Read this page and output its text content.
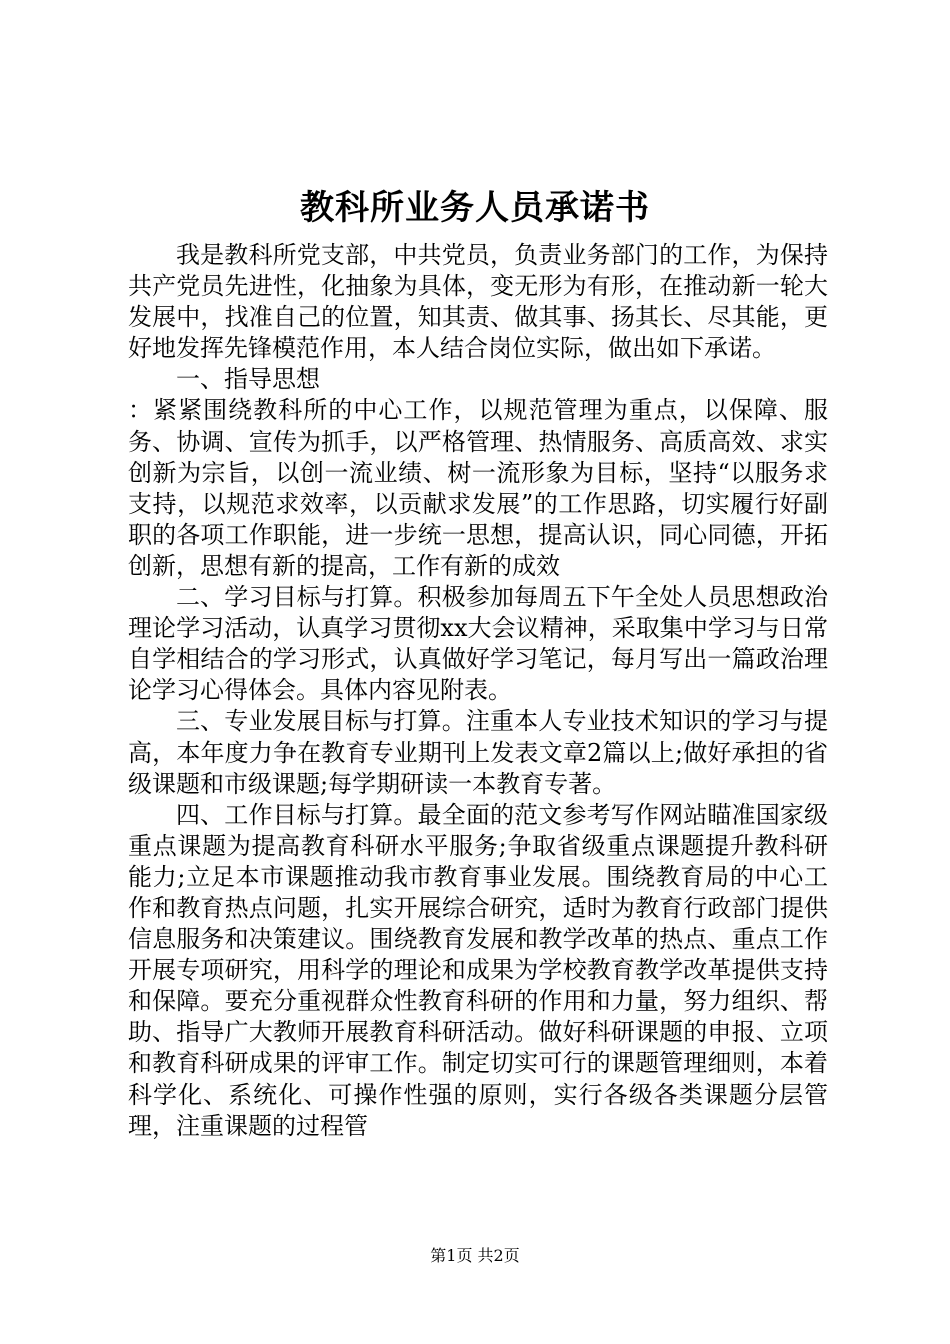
教科所业务人员承诺书

我是教科所党支部，中共党员，负责业务部门的工作，为保持共产党员先进性，化抽象为具体，变无形为有形，在推动新一轮大发展中，找准自己的位置，知其责、做其事、扬其长、尽其能，更好地发挥先锋模范作用，本人结合岗位实际，做出如下承诺。

一、指导思想

：紧紧围绕教科所的中心工作，以规范管理为重点，以保障、服务、协调、宣传为抓手，以严格管理、热情服务、高质高效、求实创新为宗旨，以创一流业绩、树一流形象为目标，坚持“以服务求支持，以规范求效率，以贡献求发展”的工作思路，切实履行好副职的各项工作职能，进一步统一思想，提高认识，同心同德，开拓创新，思想有新的提高，工作有新的成效

二、学习目标与打算。积极参加每周五下午全处人员思想政治理论学习活动，认真学习贯彻xx大会议精神，采取集中学习与日常自学相结合的学习形式，认真做好学习笔记，每月写出一篇政治理论学习心得体会。具体内容见附表。

三、专业发展目标与打算。注重本人专业技术知识的学习与提高，本年度力争在教育专业期刊上发表文章2篇以上;做好承担的省级课题和市级课题;每学期研读一本教育专著。

四、工作目标与打算。最全面的范文参考写作网站瞄准国家级重点课题为提高教育科研水平服务;争取省级重点课题提升教科研能力;立足本市课题推动我市教育事业发展。围绕教育局的中心工作和教育热点问题，扎实开展综合研究，适时为教育行政部门提供信息服务和决策建议。围绕教育发展和教学改革的热点、重点工作开展专项研究，用科学的理论和成果为学校教育教学改革提供支持和保障。要充分重视群众性教育科研的作用和力量，努力组织、帮助、指导广大教师开展教育科研活动。做好科研课题的申报、立项和教育科研成果的评审工作。制定切实可行的课题管理细则，本着科学化、系统化、可操作性强的原则，实行各级各类课题分层管理，注重课题的过程管

第1页 共2页
